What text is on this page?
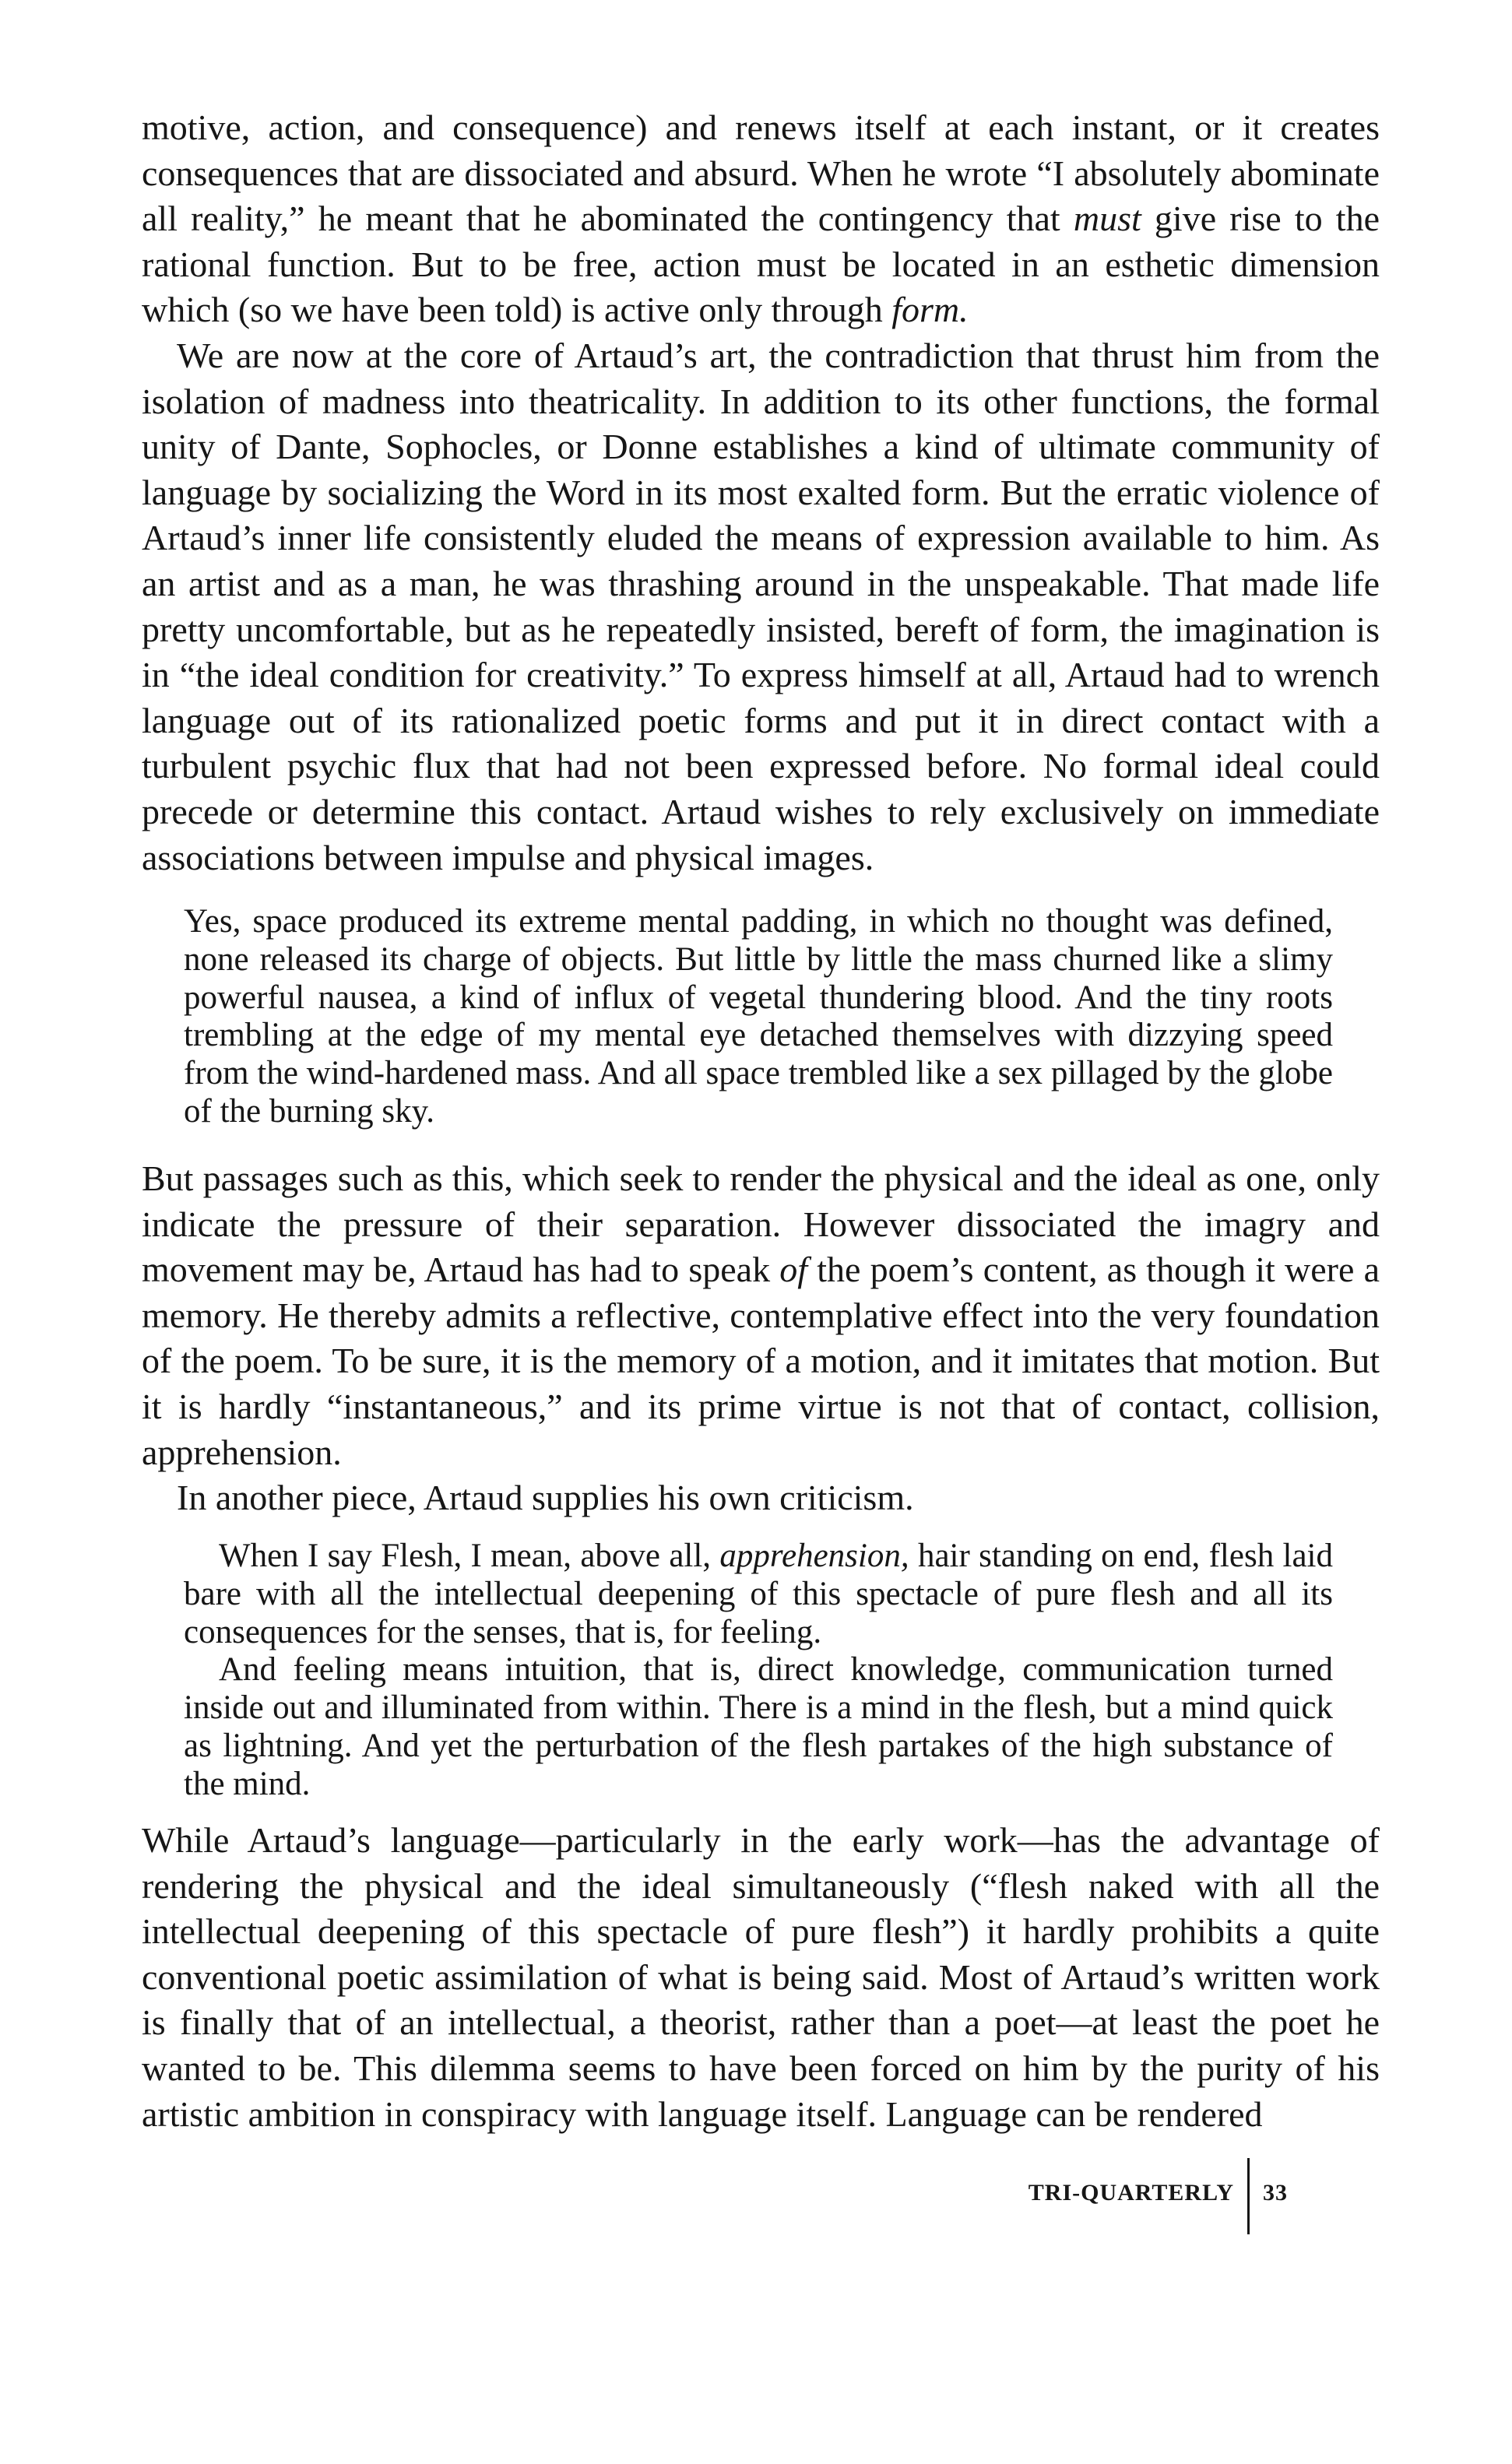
motive, action, and consequence) and renews itself at each instant, or it creates consequences that are dissociated and absurd. When he wrote “I absolutely abominate all reality,” he meant that he abominated the contingency that must give rise to the rational function. But to be free, action must be located in an esthetic dimension which (so we have been told) is active only through form.

We are now at the core of Artaud’s art, the contradiction that thrust him from the isolation of madness into theatricality. In addition to its other functions, the formal unity of Dante, Sophocles, or Donne establishes a kind of ultimate community of language by socializing the Word in its most exalted form. But the erratic violence of Artaud’s inner life consistently eluded the means of expression available to him. As an artist and as a man, he was thrashing around in the unspeakable. That made life pretty uncomfortable, but as he repeatedly insisted, bereft of form, the imagination is in “the ideal condition for creativity.” To express himself at all, Artaud had to wrench language out of its rationalized poetic forms and put it in direct contact with a turbulent psychic flux that had not been expressed before. No formal ideal could precede or determine this contact. Artaud wishes to rely exclusively on immediate associations between impulse and physical images.

Yes, space produced its extreme mental padding, in which no thought was defined, none released its charge of objects. But little by little the mass churned like a slimy powerful nausea, a kind of influx of vegetal thundering blood. And the tiny roots trembling at the edge of my mental eye detached themselves with dizzying speed from the wind-hardened mass. And all space trembled like a sex pillaged by the globe of the burning sky.

But passages such as this, which seek to render the physical and the ideal as one, only indicate the pressure of their separation. However dissociated the imagry and movement may be, Artaud has had to speak of the poem’s content, as though it were a memory. He thereby admits a reflective, contemplative effect into the very foundation of the poem. To be sure, it is the memory of a motion, and it imitates that motion. But it is hardly “instantaneous,” and its prime virtue is not that of contact, collision, apprehension.

In another piece, Artaud supplies his own criticism.

When I say Flesh, I mean, above all, apprehension, hair standing on end, flesh laid bare with all the intellectual deepening of this spectacle of pure flesh and all its consequences for the senses, that is, for feeling.

And feeling means intuition, that is, direct knowledge, communication turned inside out and illuminated from within. There is a mind in the flesh, but a mind quick as lightning. And yet the perturbation of the flesh partakes of the high substance of the mind.

While Artaud’s language—particularly in the early work—has the advantage of rendering the physical and the ideal simultaneously (“flesh naked with all the intellectual deepening of this spectacle of pure flesh”) it hardly prohibits a quite conventional poetic assimilation of what is being said. Most of Artaud’s written work is finally that of an intellectual, a theorist, rather than a poet—at least the poet he wanted to be. This dilemma seems to have been forced on him by the purity of his artistic ambition in conspiracy with language itself. Language can be rendered

TRI-QUARTERLY 33
